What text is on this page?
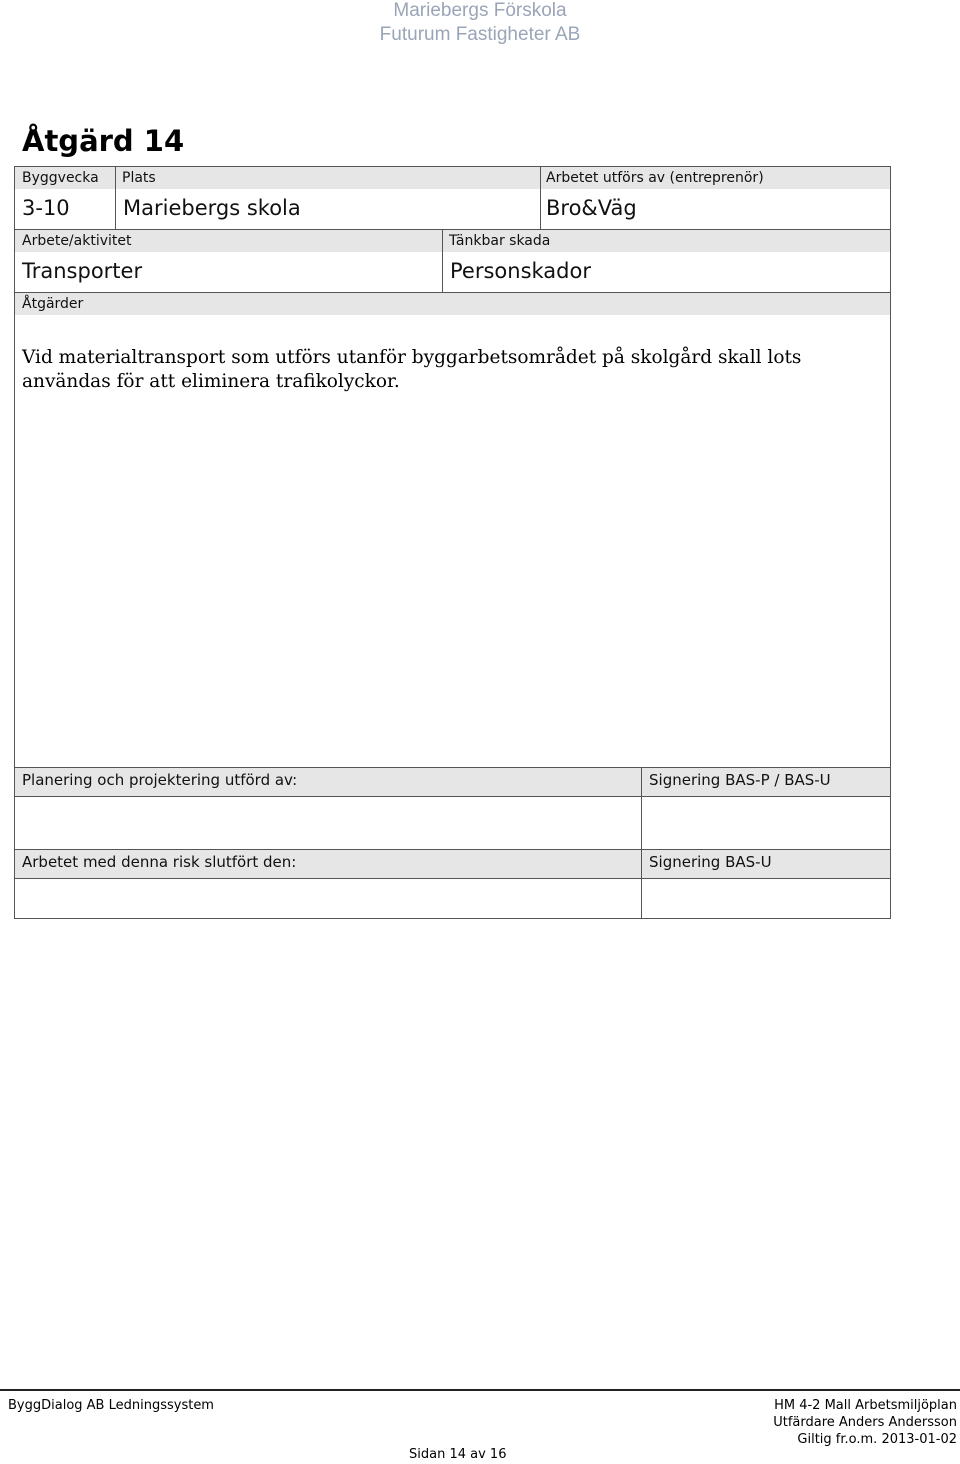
Mariebergs Förskola
Futurum Fastigheter AB
Åtgärd 14
Byggvecka	Plats	Arbetet utförs av (entreprenör)
3-10	Mariebergs skola	Bro&Väg
Arbete/aktivitet	Tänkbar skada
Transporter	Personskador
Åtgärder

Vid materialtransport som utförs utanför byggarbetsområdet på skolgård skall lots användas för att eliminera trafikolyckor.

Planering och projektering utförd av:	Signering BAS-P / BAS-U
Arbetet med denna risk slutfört den:	Signering BAS-U
ByggDialog AB Ledningssystem	HM 4-2 Mall Arbetsmiljöplan
Utfärdare Anders Andersson
Giltig fr.o.m. 2013-01-02
Sidan 14 av 16
